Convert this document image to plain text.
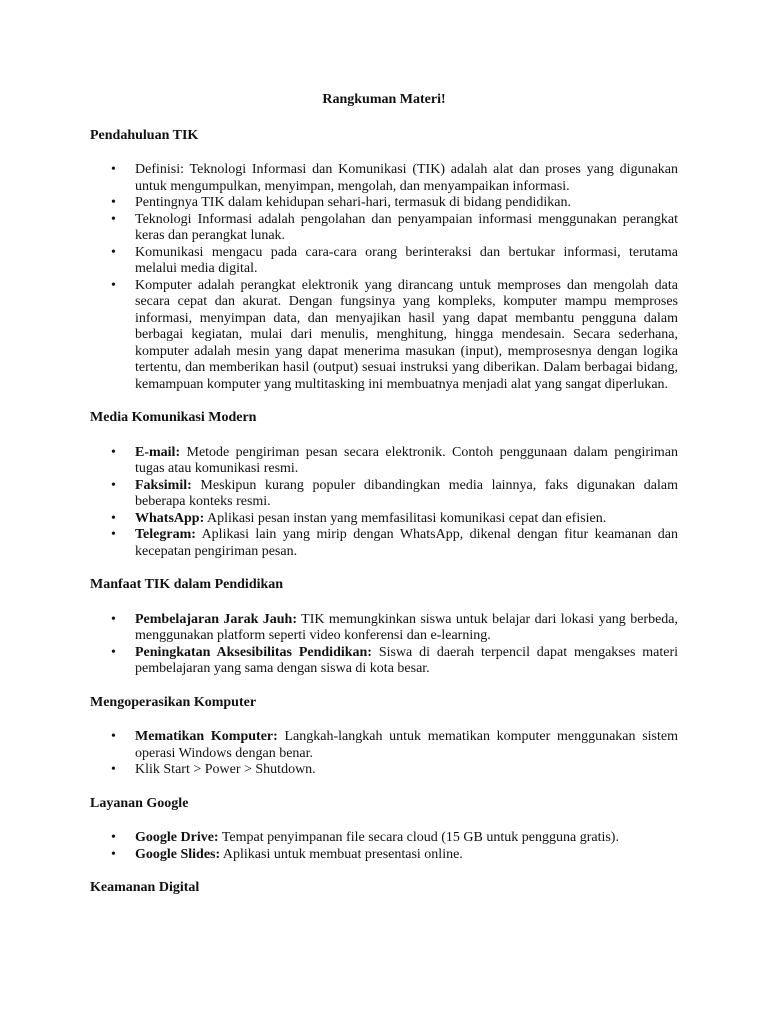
Rangkuman Materi!
Pendahuluan TIK
• Definisi: Teknologi Informasi dan Komunikasi (TIK) adalah alat dan proses yang digunakan untuk mengumpulkan, menyimpan, mengolah, dan menyampaikan informasi.
• Pentingnya TIK dalam kehidupan sehari-hari, termasuk di bidang pendidikan.
• Teknologi Informasi adalah pengolahan dan penyampaian informasi menggunakan perangkat keras dan perangkat lunak.
• Komunikasi mengacu pada cara-cara orang berinteraksi dan bertukar informasi, terutama melalui media digital.
• Komputer adalah perangkat elektronik yang dirancang untuk memproses dan mengolah data secara cepat dan akurat. Dengan fungsinya yang kompleks, komputer mampu memproses informasi, menyimpan data, dan menyajikan hasil yang dapat membantu pengguna dalam berbagai kegiatan, mulai dari menulis, menghitung, hingga mendesain. Secara sederhana, komputer adalah mesin yang dapat menerima masukan (input), memprosesnya dengan logika tertentu, dan memberikan hasil (output) sesuai instruksi yang diberikan. Dalam berbagai bidang, kemampuan komputer yang multitasking ini membuatnya menjadi alat yang sangat diperlukan.
Media Komunikasi Modern
• E-mail: Metode pengiriman pesan secara elektronik. Contoh penggunaan dalam pengiriman tugas atau komunikasi resmi.
• Faksimil: Meskipun kurang populer dibandingkan media lainnya, faks digunakan dalam beberapa konteks resmi.
• WhatsApp: Aplikasi pesan instan yang memfasilitasi komunikasi cepat dan efisien.
• Telegram: Aplikasi lain yang mirip dengan WhatsApp, dikenal dengan fitur keamanan dan kecepatan pengiriman pesan.
Manfaat TIK dalam Pendidikan
• Pembelajaran Jarak Jauh: TIK memungkinkan siswa untuk belajar dari lokasi yang berbeda, menggunakan platform seperti video konferensi dan e-learning.
• Peningkatan Aksesibilitas Pendidikan: Siswa di daerah terpencil dapat mengakses materi pembelajaran yang sama dengan siswa di kota besar.
Mengoperasikan Komputer
• Mematikan Komputer: Langkah-langkah untuk mematikan komputer menggunakan sistem operasi Windows dengan benar.
• Klik Start > Power > Shutdown.
Layanan Google
• Google Drive: Tempat penyimpanan file secara cloud (15 GB untuk pengguna gratis).
• Google Slides: Aplikasi untuk membuat presentasi online.
Keamanan Digital
